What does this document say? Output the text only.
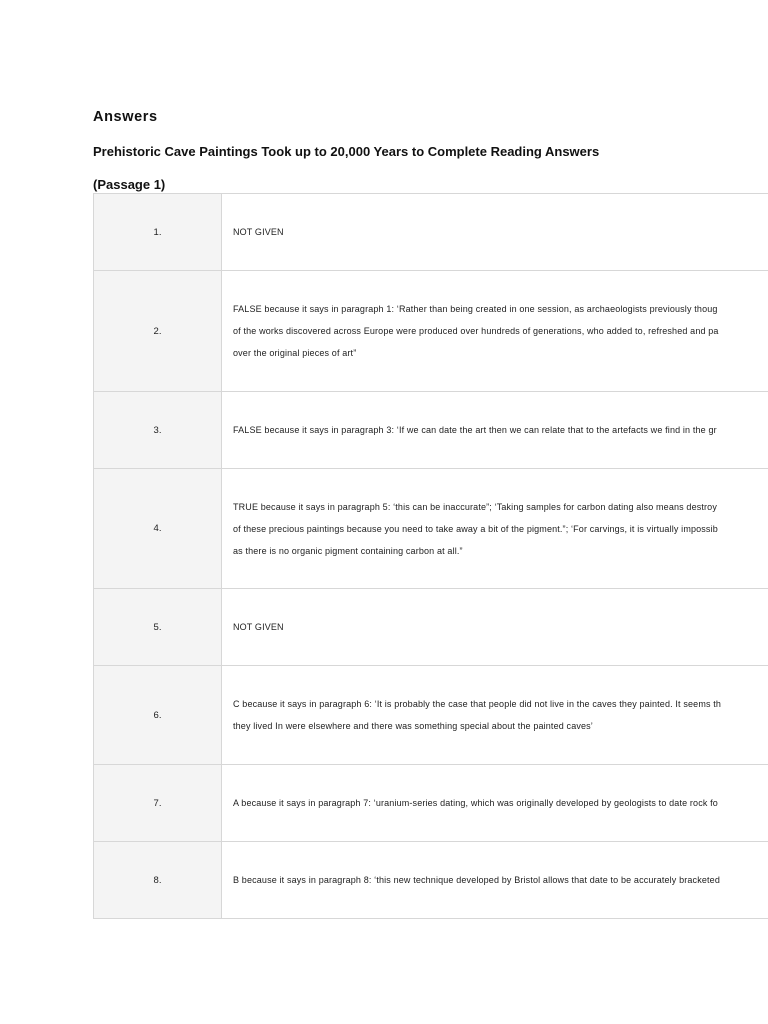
Answers
Prehistoric Cave Paintings Took up to 20,000 Years to Complete Reading Answers
(Passage 1)
1.	NOT GIVEN

2.	FALSE because it says in paragraph 1: ‘Rather than being created in one session, as archaeologists previously thoug
of the works discovered across Europe were produced over hundreds of generations, who added to, refreshed and pa
over the original pieces of art”

3.	FALSE because it says in paragraph 3: ‘If we can date the art then we can relate that to the artefacts we find in the gr

4.	TRUE because it says in paragraph 5: ‘this can be inaccurate”; ‘Taking samples for carbon dating also means destroy
of these precious paintings because you need to take away a bit of the pigment.”; ‘For carvings, it is virtually impossib
as there is no organic pigment containing carbon at all.”

5.	NOT GIVEN

6.	C because it says in paragraph 6: ‘It is probably the case that people did not live in the caves they painted. It seems th
they lived In were elsewhere and there was something special about the painted caves’

7.	A because it says in paragraph 7: ‘uranium-series dating, which was originally developed by geologists to date rock fo

8.	B because it says in paragraph 8: ‘this new technique developed by Bristol allows that date to be accurately bracketed
